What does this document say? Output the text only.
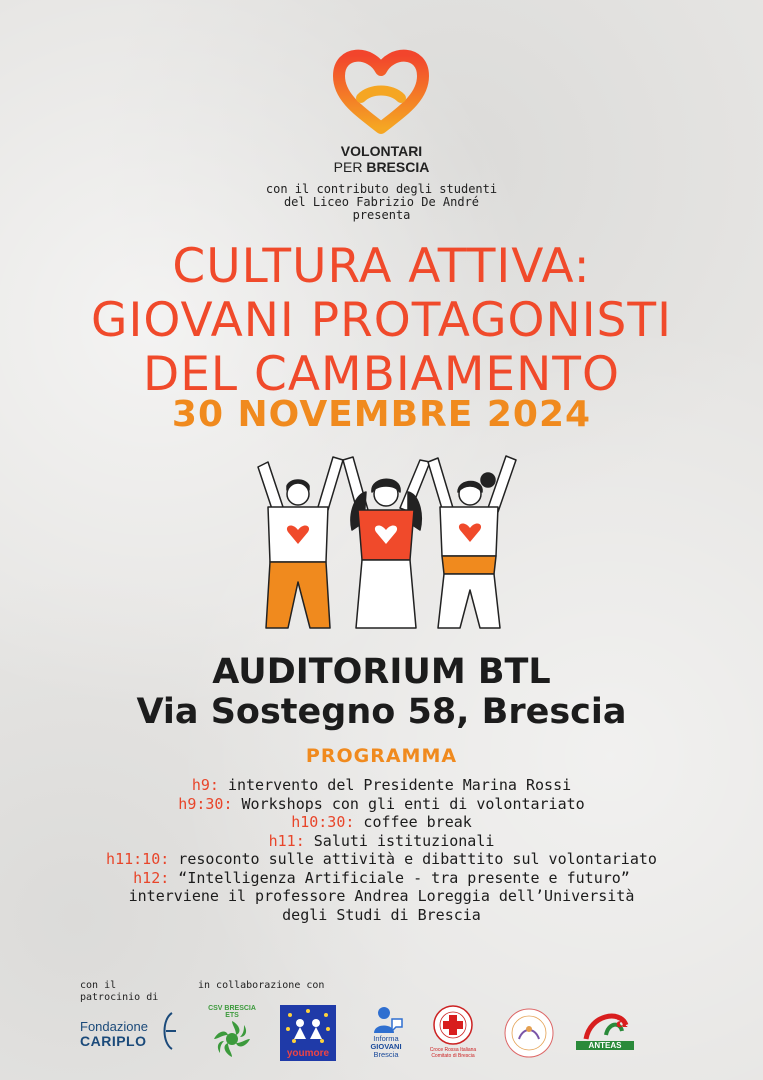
VOLONTARI
PER BRESCIA
con il contributo degli studenti
del Liceo Fabrizio De André
presenta
CULTURA ATTIVA:
GIOVANI PROTAGONISTI
DEL CAMBIAMENTO
30 NOVEMBRE 2024
AUDITORIUM BTL
Via Sostegno 58, Brescia
PROGRAMMA
h9: intervento del Presidente Marina Rossi
h9:30: Workshops con gli enti di volontariato
h10:30: coffee break
h11: Saluti istituzionali
h11:10: resoconto sulle attività e dibattito sul volontariato
h12: “Intelligenza Artificiale - tra presente e futuro”
interviene il professore Andrea Loreggia dell’Università
degli Studi di Brescia
con il
patrocinio di
in collaborazione con
Fondazione
CARIPLO
CSV BRESCIA ETS
youmore
Informa
GIOVANI
Brescia	Croce Rossa Italiana
Comitato di Brescia
a
ANTEAS
